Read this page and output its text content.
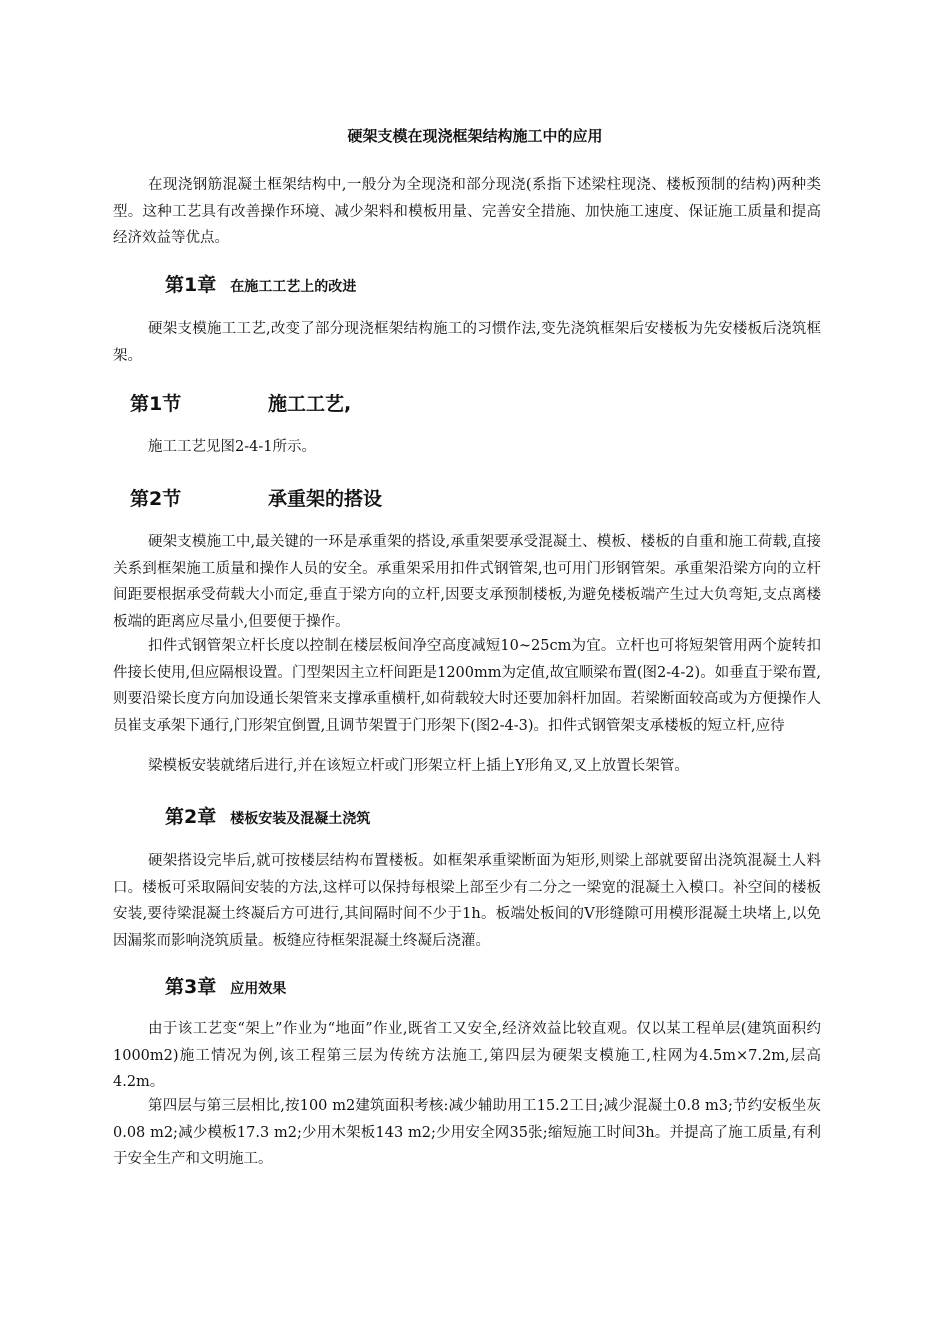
硬架支模在现浇框架结构施工中的应用

在现浇钢筋混凝土框架结构中,一般分为全现浇和部分现浇(系指下述梁柱现浇、楼板预制的结构)两种类型。这种工艺具有改善操作环境、减少架料和模板用量、完善安全措施、加快施工速度、保证施工质量和提高经济效益等优点。

第1章 在施工工艺上的改进

硬架支模施工工艺,改变了部分现浇框架结构施工的习惯作法,变先浇筑框架后安楼板为先安楼板后浇筑框架。

第1节	施工工艺,

施工工艺见图2-4-1所示。

第2节	承重架的搭设

硬架支模施工中,最关键的一环是承重架的搭设,承重架要承受混凝土、模板、楼板的自重和施工荷载,直接关系到框架施工质量和操作人员的安全。承重架采用扣件式钢管架,也可用门形钢管架。承重架沿梁方向的立杆间距要根据承受荷载大小而定,垂直于梁方向的立杆,因要支承预制楼板,为避免楼板端产生过大负弯矩,支点离楼板端的距离应尽量小,但要便于操作。

扣件式钢管架立杆长度以控制在楼层板间净空高度减短10~25cm为宜。立杆也可将短架管用两个旋转扣件接长使用,但应隔根设置。门型架因主立杆间距是1200mm为定值,故宜顺梁布置(图2-4-2)。如垂直于梁布置,则要沿梁长度方向加设通长架管来支撑承重横杆,如荷载较大时还要加斜杆加固。若梁断面较高或为方便操作人员崔支承架下通行,门形架宜倒置,且调节架置于门形架下(图2-4-3)。扣件式钢管架支承楼板的短立杆,应待

梁模板安装就绪后进行,并在该短立杆或门形架立杆上插上Y形角叉,叉上放置长架管。

第2章 楼板安装及混凝土浇筑

硬架搭设完毕后,就可按楼层结构布置楼板。如框架承重梁断面为矩形,则梁上部就要留出浇筑混凝土人料口。楼板可采取隔间安装的方法,这样可以保持每根梁上部至少有二分之一梁宽的混凝土入模口。补空间的楼板安装,要待梁混凝土终凝后方可进行,其间隔时间不少于1h。板端处板间的V形缝隙可用模形混凝土块堵上,以免因漏浆而影响浇筑质量。板缝应待框架混凝土终凝后浇灌。

第3章 应用效果

由于该工艺变“架上”作业为“地面”作业,既省工又安全,经济效益比较直观。仅以某工程单层(建筑面积约1000m2)施工情况为例,该工程第三层为传统方法施工,第四层为硬架支模施工,柱网为4.5m×7.2m,层高4.2m。

第四层与第三层相比,按100 m2建筑面积考核:减少辅助用工15.2工日;减少混凝土0.8 m3;节约安板坐灰0.08 m2;减少模板17.3 m2;少用木架板143 m2;少用安全网35张;缩短施工时间3h。并提高了施工质量,有利于安全生产和文明施工。
